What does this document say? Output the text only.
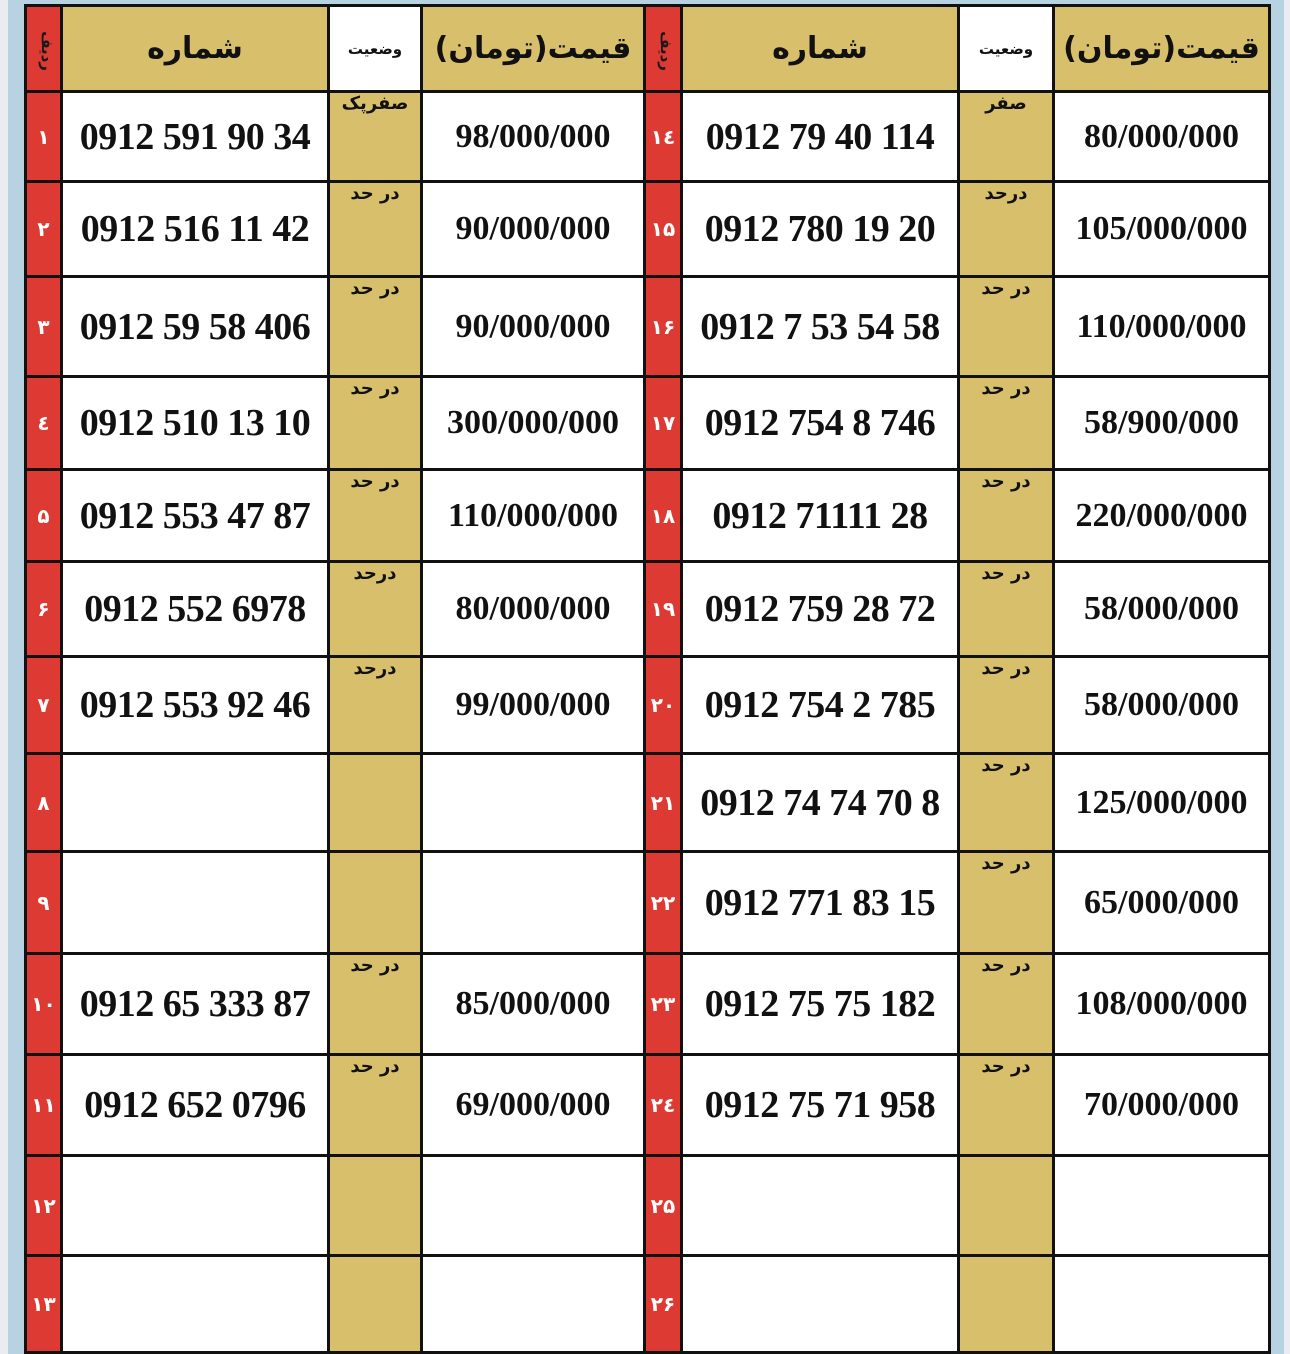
ردیف	شماره	وضعیت	قیمت(تومان)	ردیف	شماره	وضعیت	قیمت(تومان)
۱	0912 591 90 34	صفرپک	98/000/000	۱٤	0912 79 40 114	صفر	80/000/000
۲	0912 516 11 42	در حد	90/000/000	۱۵	0912 780 19 20	درحد	105/000/000
۳	0912 59 58 406	در حد	90/000/000	۱۶	0912 7 53 54 58	در حد	110/000/000
٤	0912 510 13 10	در حد	300/000/000	۱۷	0912 754 8 746	در حد	58/900/000
۵	0912 553 47 87	در حد	110/000/000	۱۸	0912 71111 28	در حد	220/000/000
۶	0912 552 6978	درحد	80/000/000	۱۹	0912 759 28 72	در حد	58/000/000
۷	0912 553 92 46	درحد	99/000/000	۲۰	0912 754 2 785	در حد	58/000/000
۸				۲۱	0912 74 74 70 8	در حد	125/000/000
۹				۲۲	0912 771 83 15	در حد	65/000/000
۱۰	0912 65 333 87	در حد	85/000/000	۲۳	0912 75 75 182	در حد	108/000/000
۱۱	0912 652 0796	در حد	69/000/000	۲٤	0912 75 71 958	در حد	70/000/000
۱۲				۲۵			
۱۳				۲۶			
